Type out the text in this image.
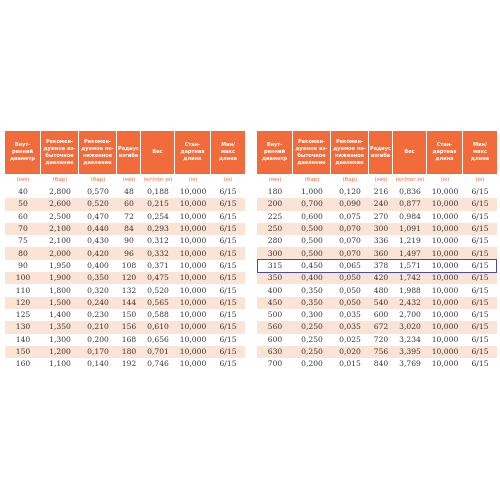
Внут-
ренний
диаметр	Рекомен-
дуемое из-
быточное
давление	Рекомен-
дуемое по-
ниженное
давление	Радиус
изгиба	Вес	Стан-
дартная
длина	Мин/
макс
длина
(мм)	(бар)	(бар)	(мм)	(кг/пог.м)	(м)	(м)
40	2,800	0,570	48	0,188	10,000	6/15
50	2,600	0,520	60	0,215	10,000	6/15
60	2,500	0,470	72	0,254	10,000	6/15
70	2,100	0,440	84	0,293	10,000	6/15
75	2,100	0,430	90	0,312	10,000	6/15
80	2,000	0,420	96	0,332	10,000	6/15
90	1,950	0,400	108	0,371	10,000	6/15
100	1,900	0,350	120	0,475	10,000	6/15
110	1,800	0,320	132	0,520	10,000	6/15
120	1,500	0,240	144	0,565	10,000	6/15
125	1,400	0,230	150	0,588	10,000	6/15
130	1,350	0,210	156	0,610	10,000	6/15
140	1,300	0,200	168	0,656	10,000	6/15
150	1,200	0,170	180	0,701	10,000	6/15
160	1,100	0,140	192	0,746	10,000	6/15
Внут-
ренний
диаметр	Рекомен-
дуемое из-
быточное
давление	Рекомен-
дуемое по-
ниженное
давление	Радиус
изгиба	Вес	Стан-
дартная
длина	Мин/
макс
длина
(мм)	(бар)	(бар)	(мм)	(кг/пог.м)	(м)	(м)
180	1,000	0,120	216	0,836	10,000	6/15
200	0,700	0,090	240	0,877	10,000	6/15
225	0,600	0,075	270	0,984	10,000	6/15
250	0,500	0,070	300	1,091	10,000	6/15
280	0,500	0,070	336	1,219	10,000	6/15
300	0,500	0,070	360	1,497	10,000	6/15
315	0,450	0,065	378	1,571	10,000	6/15
350	0,400	0,050	420	1,742	10,000	6/15
400	0,350	0,050	480	1,988	10,000	6/15
450	0,350	0,050	540	2,432	10,000	6/15
500	0,300	0,035	600	2,700	10,000	6/15
560	0,250	0,035	672	3,020	10,000	6/15
600	0,250	0,025	720	3,234	10,000	6/15
630	0,250	0,020	756	3,395	10,000	6/15
700	0,200	0,015	840	3,769	10,000	6/15
